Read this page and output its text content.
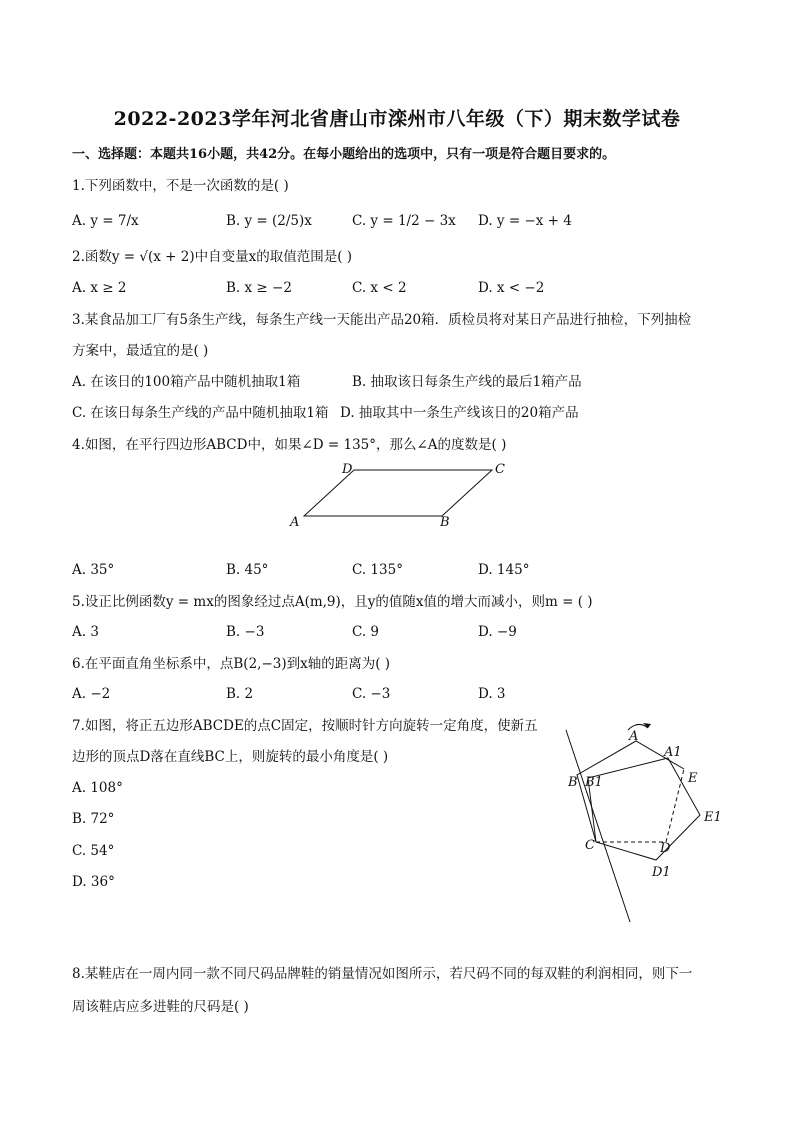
2022-2023学年河北省唐山市滦州市八年级（下）期末数学试卷
一、选择题：本题共16小题，共42分。在每小题给出的选项中，只有一项是符合题目要求的。
1.下列函数中，不是一次函数的是( )
A. y = 7/x	B. y = (2/5)x	C. y = 1/2 − 3x D. y = −x + 4
2.函数y = √(x + 2)中自变量x的取值范围是( )
A. x ≥ 2	B. x ≥ −2	C. x < 2	D. x < −2
3.某食品加工厂有5条生产线，每条生产线一天能出产品20箱．质检员将对某日产品进行抽检，下列抽检
方案中，最适宜的是( )
A. 在该日的100箱产品中随机抽取1箱	B. 抽取该日每条生产线的最后1箱产品
C. 在该日每条生产线的产品中随机抽取1箱 D. 抽取其中一条生产线该日的20箱产品
4.如图，在平行四边形ABCD中，如果∠D = 135°，那么∠A的度数是( )
A	B
C
D
A. 35°	B. 45°	C. 135°	D. 145°
5.设正比例函数y = mx的图象经过点A(m,9)，且y的值随x值的增大而减小，则m = ( )
A. 3	B. −3	C. 9	D. −9
6.在平面直角坐标系中，点B(2,−3)到x轴的距离为( )
A. −2	B. 2	C. −3	D. 3
7.如图，将正五边形ABCDE的点C固定，按顺时针方向旋转一定角度，使新五
边形的顶点D落在直线BC上，则旋转的最小角度是( )
A. 108°
B. 72°
C. 54°
D. 36°
A
A1
B B1	E
E1
C	D
D1
8.某鞋店在一周内同一款不同尺码品牌鞋的销量情况如图所示，若尺码不同的每双鞋的利润相同，则下一
周该鞋店应多进鞋的尺码是( )
